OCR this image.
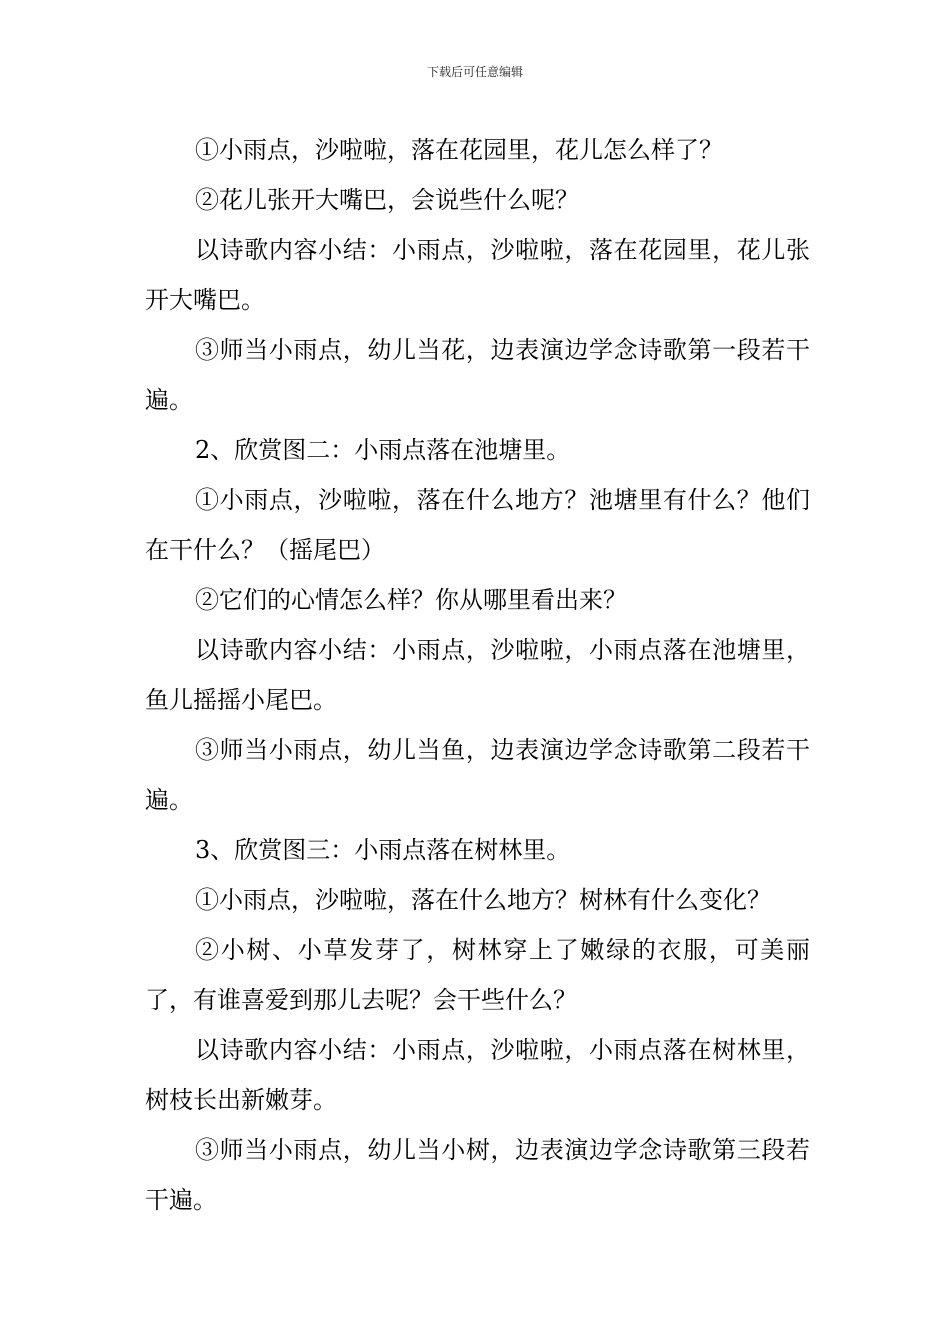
下载后可任意编辑

①小雨点，沙啦啦，落在花园里，花儿怎么样了？

②花儿张开大嘴巴，会说些什么呢？

以诗歌内容小结：小雨点，沙啦啦，落在花园里，花儿张开大嘴巴。

③师当小雨点，幼儿当花，边表演边学念诗歌第一段若干遍。

2、欣赏图二：小雨点落在池塘里。

①小雨点，沙啦啦，落在什么地方？池塘里有什么？他们在干什么？（摇尾巴）

②它们的心情怎么样？你从哪里看出来？

以诗歌内容小结：小雨点，沙啦啦，小雨点落在池塘里，鱼儿摇摇小尾巴。

③师当小雨点，幼儿当鱼，边表演边学念诗歌第二段若干遍。

3、欣赏图三：小雨点落在树林里。

①小雨点，沙啦啦，落在什么地方？树林有什么变化？

②小树、小草发芽了，树林穿上了嫩绿的衣服，可美丽了，有谁喜爱到那儿去呢？会干些什么？

以诗歌内容小结：小雨点，沙啦啦，小雨点落在树林里，树枝长出新嫩芽。

③师当小雨点，幼儿当小树，边表演边学念诗歌第三段若干遍。
